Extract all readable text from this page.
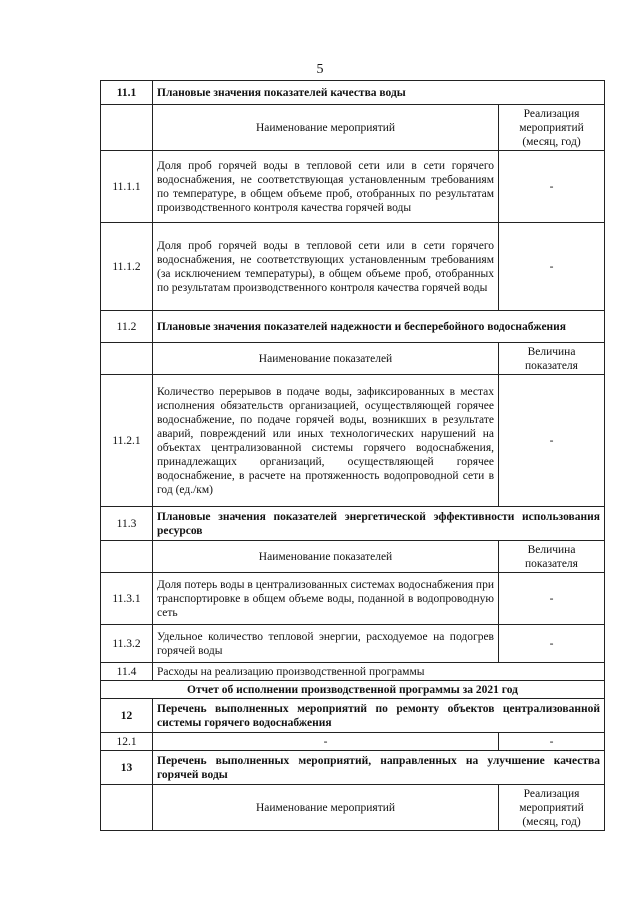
5
11.1	Плановые значения показателей качества воды	
	Наименование мероприятий	Реализация мероприятий (месяц, год)
11.1.1	Доля проб горячей воды в тепловой сети или в сети горячего водоснабжения, не соответствующая установленным требованиям по температуре, в общем объеме проб, отобранных по результатам производственного контроля качества горячей воды	-
11.1.2	Доля проб горячей воды в тепловой сети или в сети горячего водоснабжения, не соответствующих установленным требованиям (за исключением температуры), в общем объеме проб, отобранных по результатам производственного контроля качества горячей воды	-
11.2	Плановые значения показателей надежности и бесперебойного водоснабжения	
	Наименование показателей	Величина показателя
11.2.1	Количество перерывов в подаче воды, зафиксированных в местах исполнения обязательств организацией, осуществляющей горячее водоснабжение, по подаче горячей воды, возникших в результате аварий, повреждений или иных технологических нарушений на объектах централизованной системы горячего водоснабжения, принадлежащих организаций, осуществляющей горячее водоснабжение, в расчете на протяженность водопроводной сети в год (ед./км)	-
11.3	Плановые значения показателей энергетической эффективности использования ресурсов	
	Наименование показателей	Величина показателя
11.3.1	Доля потерь воды в централизованных системах водоснабжения при транспортировке в общем объеме воды, поданной в водопроводную сеть	-
11.3.2	Удельное количество тепловой энергии, расходуемое на подогрев горячей воды	-
11.4	Расходы на реализацию производственной программы	
Отчет об исполнении производственной программы за 2021 год		
12	Перечень выполненных мероприятий по ремонту объектов централизованной системы горячего водоснабжения	
12.1	-	-
13	Перечень выполненных мероприятий, направленных на улучшение качества горячей воды	
	Наименование мероприятий	Реализация мероприятий (месяц, год)
